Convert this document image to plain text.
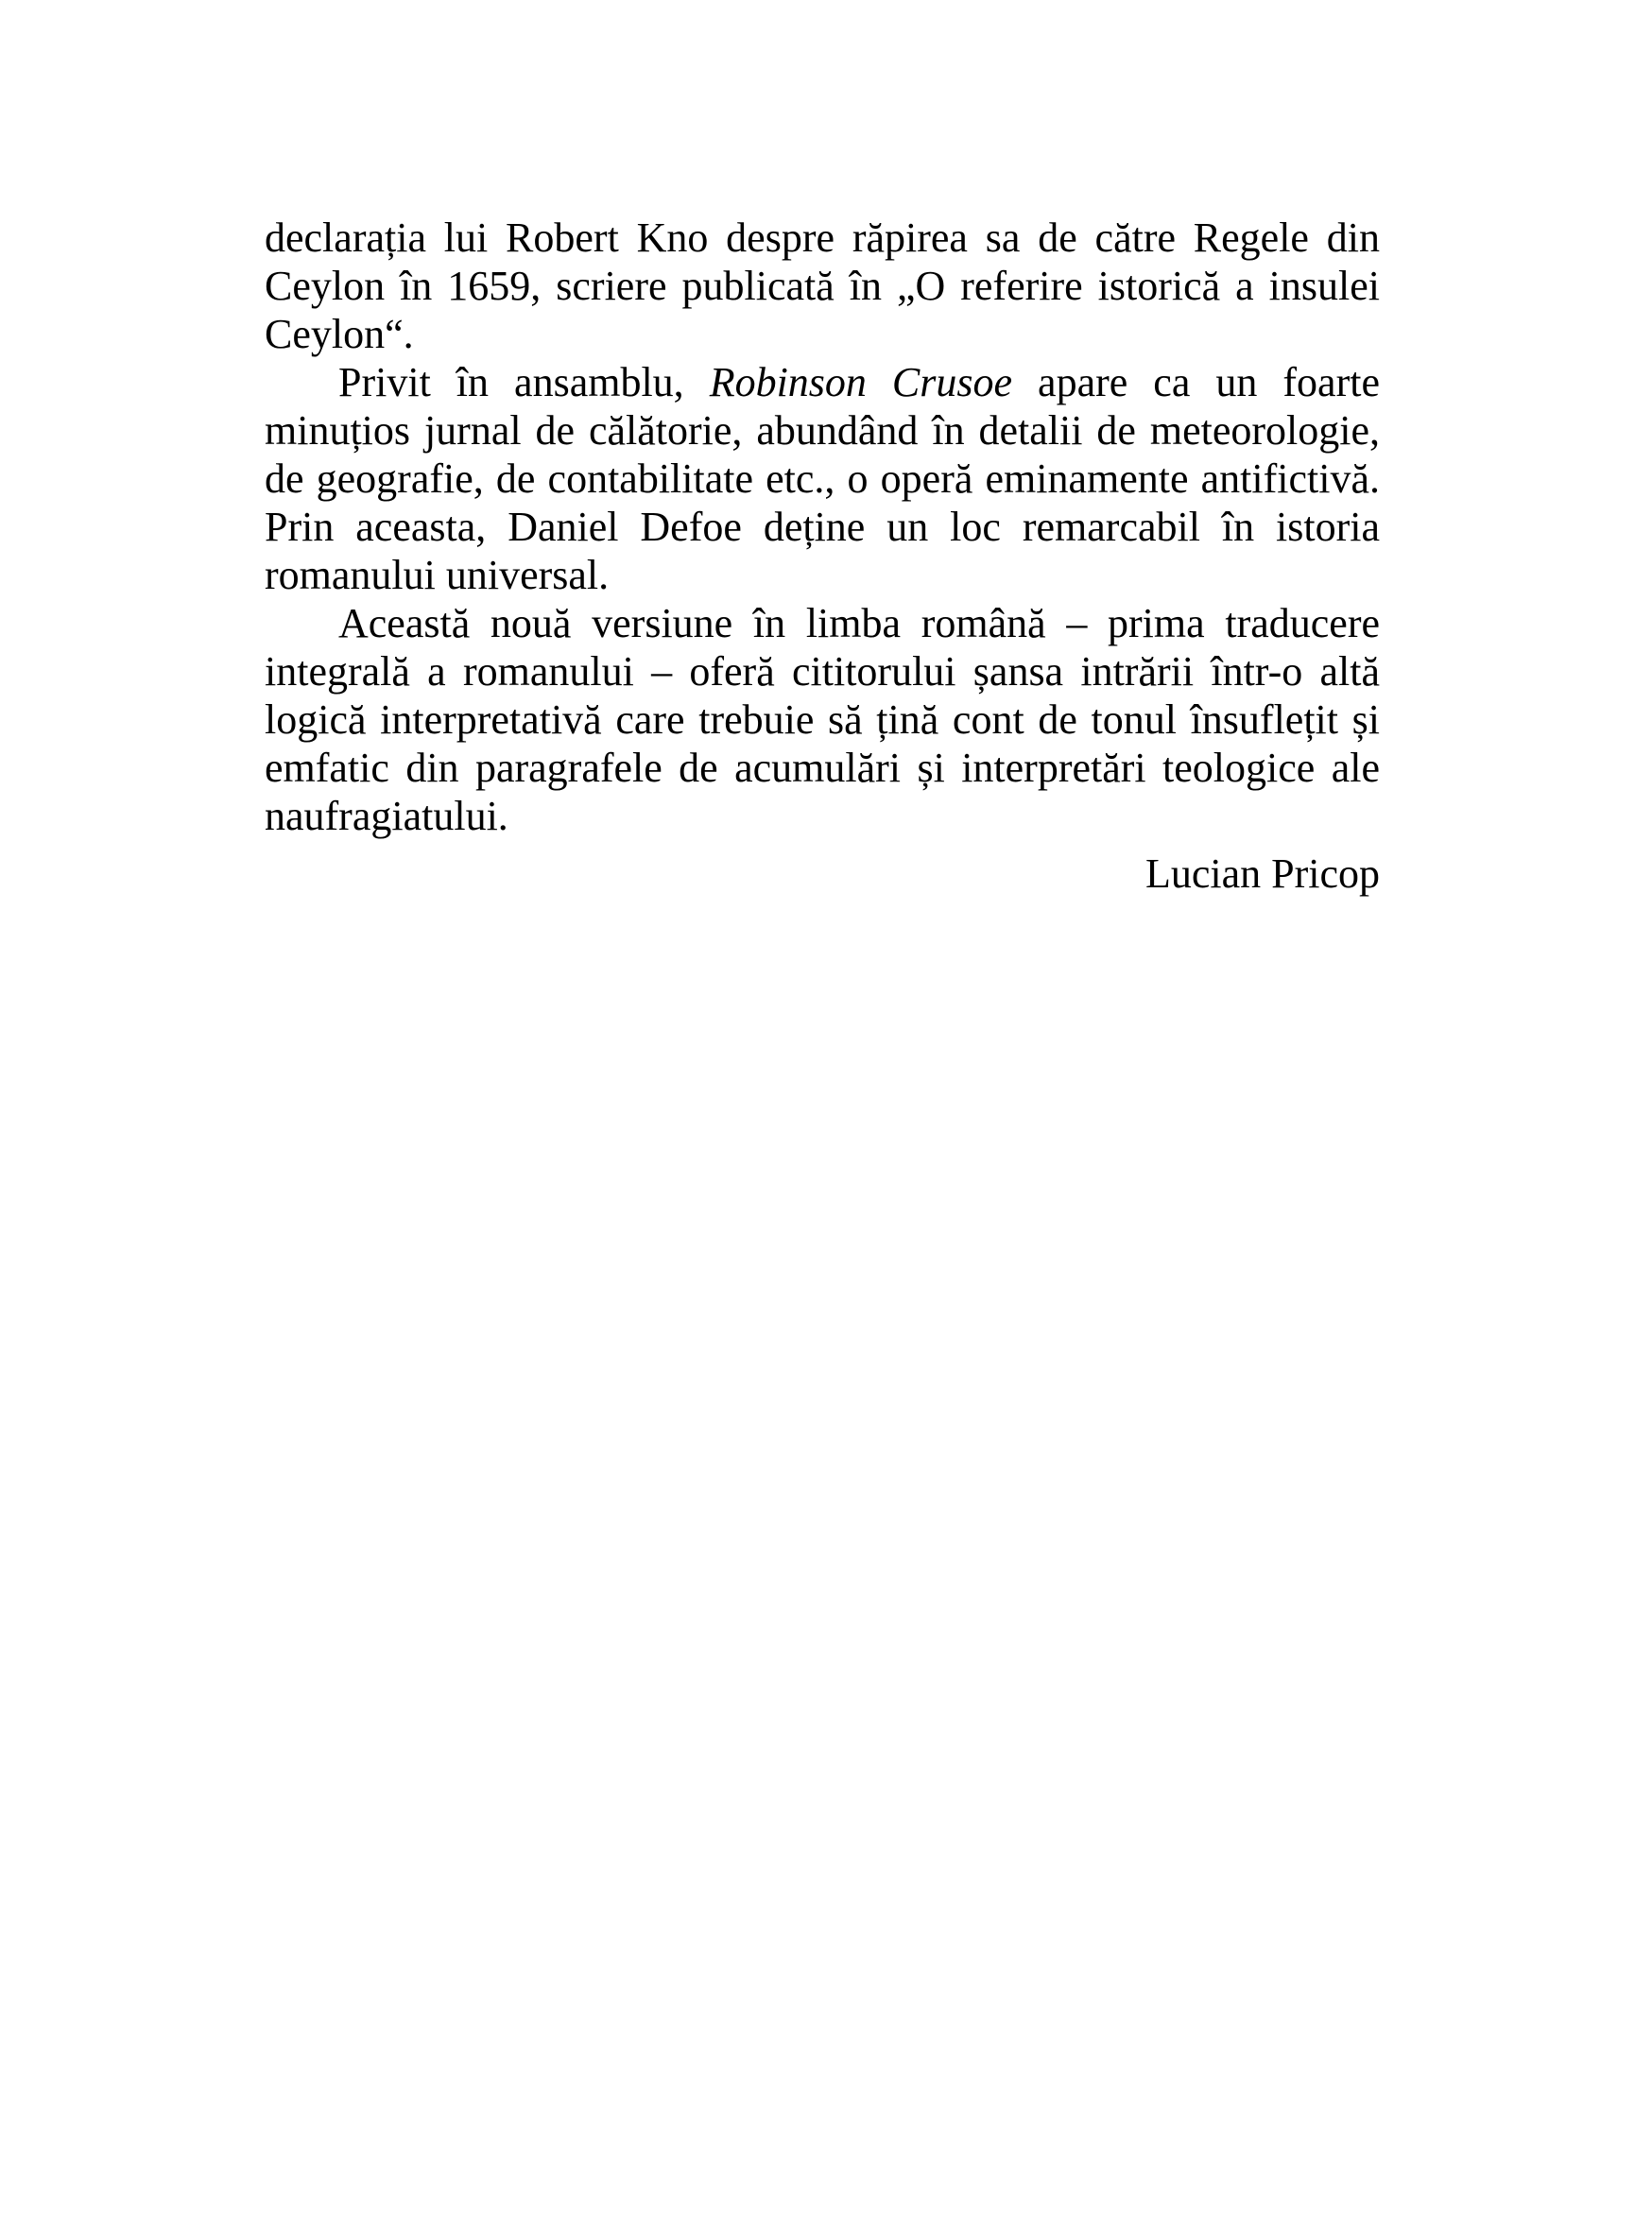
declarația lui Robert Kno despre răpirea sa de către Regele din Ceylon în 1659, scriere publicată în „O referire istorică a insulei Ceylon“.

Privit în ansamblu, Robinson Crusoe apare ca un foarte minuțios jurnal de călătorie, abundând în detalii de meteorologie, de geografie, de contabilitate etc., o operă eminamente antifictivă. Prin aceasta, Daniel Defoe deține un loc remarcabil în istoria romanului universal.

Această nouă versiune în limba română – prima traducere integrală a romanului – oferă cititorului șansa intrării într-o altă logică interpretativă care trebuie să țină cont de tonul însuflețit și emfatic din paragrafele de acumulări și interpretări teologice ale naufragiatului.

Lucian Pricop
